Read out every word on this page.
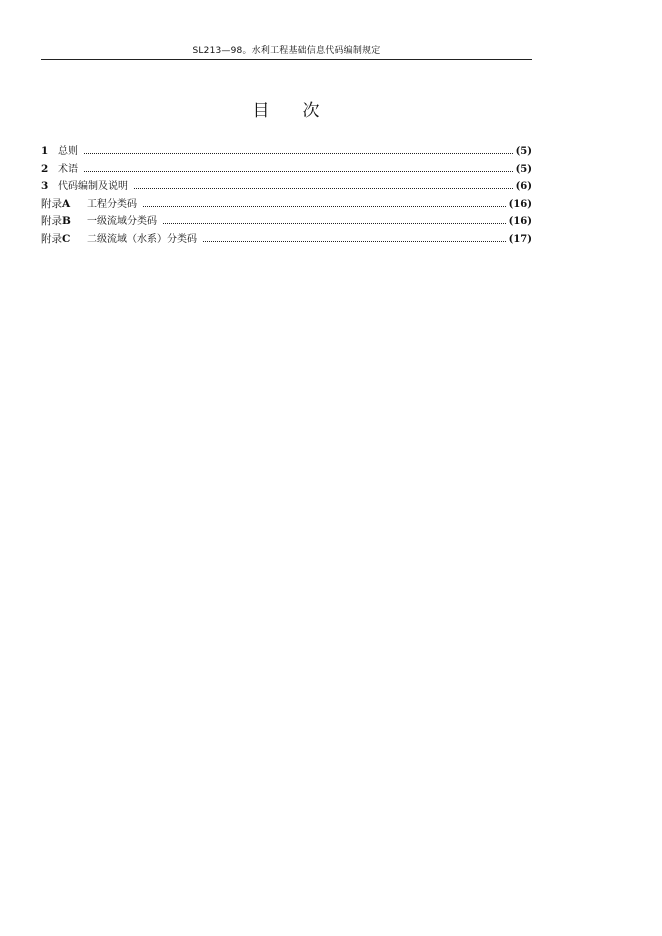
SL213—98。水利工程基础信息代码编制规定
目 次
1 总则	(5)
2 术语	(5)
3 代码编制及说明	(6)
附录A	工程分类码	(16)
附录B	一级流域分类码	(16)
附录C	二级流域（水系）分类码	(17)
